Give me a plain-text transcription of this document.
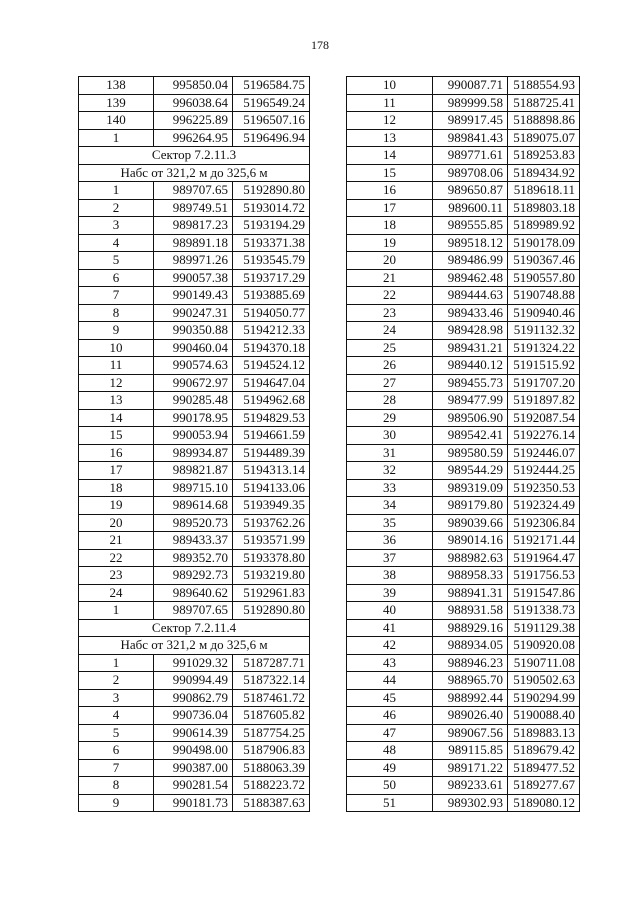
178
138	995850.04	5196584.75
139	996038.64	5196549.24
140	996225.89	5196507.16
1	996264.95	5196496.94
Сектор 7.2.11.3		
Набс от 321,2 м до 325,6 м		
1	989707.65	5192890.80
2	989749.51	5193014.72
3	989817.23	5193194.29
4	989891.18	5193371.38
5	989971.26	5193545.79
6	990057.38	5193717.29
7	990149.43	5193885.69
8	990247.31	5194050.77
9	990350.88	5194212.33
10	990460.04	5194370.18
11	990574.63	5194524.12
12	990672.97	5194647.04
13	990285.48	5194962.68
14	990178.95	5194829.53
15	990053.94	5194661.59
16	989934.87	5194489.39
17	989821.87	5194313.14
18	989715.10	5194133.06
19	989614.68	5193949.35
20	989520.73	5193762.26
21	989433.37	5193571.99
22	989352.70	5193378.80
23	989292.73	5193219.80
24	989640.62	5192961.83
1	989707.65	5192890.80
Сектор 7.2.11.4		
Набс от 321,2 м до 325,6 м		
1	991029.32	5187287.71
2	990994.49	5187322.14
3	990862.79	5187461.72
4	990736.04	5187605.82
5	990614.39	5187754.25
6	990498.00	5187906.83
7	990387.00	5188063.39
8	990281.54	5188223.72
9	990181.73	5188387.63
10	990087.71	5188554.93
11	989999.58	5188725.41
12	989917.45	5188898.86
13	989841.43	5189075.07
14	989771.61	5189253.83
15	989708.06	5189434.92
16	989650.87	5189618.11
17	989600.11	5189803.18
18	989555.85	5189989.92
19	989518.12	5190178.09
20	989486.99	5190367.46
21	989462.48	5190557.80
22	989444.63	5190748.88
23	989433.46	5190940.46
24	989428.98	5191132.32
25	989431.21	5191324.22
26	989440.12	5191515.92
27	989455.73	5191707.20
28	989477.99	5191897.82
29	989506.90	5192087.54
30	989542.41	5192276.14
31	989580.59	5192446.07
32	989544.29	5192444.25
33	989319.09	5192350.53
34	989179.80	5192324.49
35	989039.66	5192306.84
36	989014.16	5192171.44
37	988982.63	5191964.47
38	988958.33	5191756.53
39	988941.31	5191547.86
40	988931.58	5191338.73
41	988929.16	5191129.38
42	988934.05	5190920.08
43	988946.23	5190711.08
44	988965.70	5190502.63
45	988992.44	5190294.99
46	989026.40	5190088.40
47	989067.56	5189883.13
48	989115.85	5189679.42
49	989171.22	5189477.52
50	989233.61	5189277.67
51	989302.93	5189080.12
